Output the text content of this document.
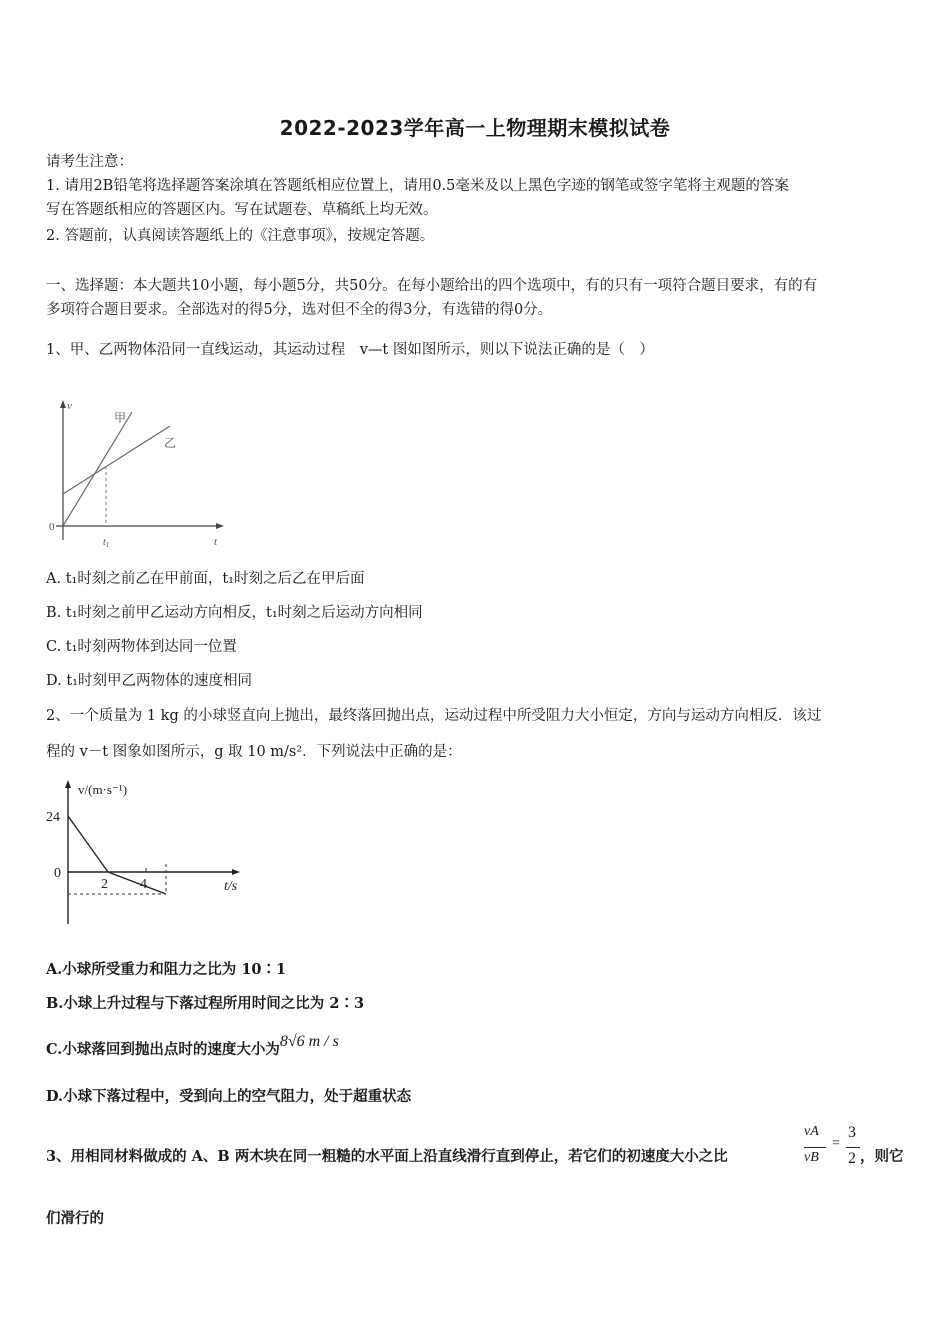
2022-2023学年高一上物理期末模拟试卷
请考生注意：
1. 请用2B铅笔将选择题答案涂填在答题纸相应位置上，请用0.5毫米及以上黑色字迹的钢笔或签字笔将主观题的答案
写在答题纸相应的答题区内。写在试题卷、草稿纸上均无效。
2. 答题前，认真阅读答题纸上的《注意事项》，按规定答题。
一、选择题：本大题共10小题，每小题5分，共50分。在每小题给出的四个选项中，有的只有一项符合题目要求，有的有
多项符合题目要求。全部选对的得5分，选对但不全的得3分，有选错的得0分。
1、甲、乙两物体沿同一直线运动，其运动过程　v—t 图如图所示，则以下说法正确的是（　）
v
t
0
$t_1$
甲
乙
A. t₁时刻之前乙在甲前面，t₁时刻之后乙在甲后面
B. t₁时刻之前甲乙运动方向相反，t₁时刻之后运动方向相同
C. t₁时刻两物体到达同一位置
D. t₁时刻甲乙两物体的速度相同
2、一个质量为 1 kg 的小球竖直向上抛出，最终落回抛出点，运动过程中所受阻力大小恒定，方向与运动方向相反．该过
程的 v－t 图象如图所示，g 取 10 m/s²．下列说法中正确的是：
v/(m·s⁻¹)
t/s
24
0
2 4
A.小球所受重力和阻力之比为 10∶1
B.小球上升过程与下落过程所用时间之比为 2∶3
C.小球落回到抛出点时的速度大小为8√6 m / s
D.小球下落过程中，受到向上的空气阻力，处于超重状态
3、用相同材料做成的 A、B 两木块在同一粗糙的水平面上沿直线滑行直到停止，若它们的初速度大小之比
vA
vB
=
3
2 ，则它
们滑行的
